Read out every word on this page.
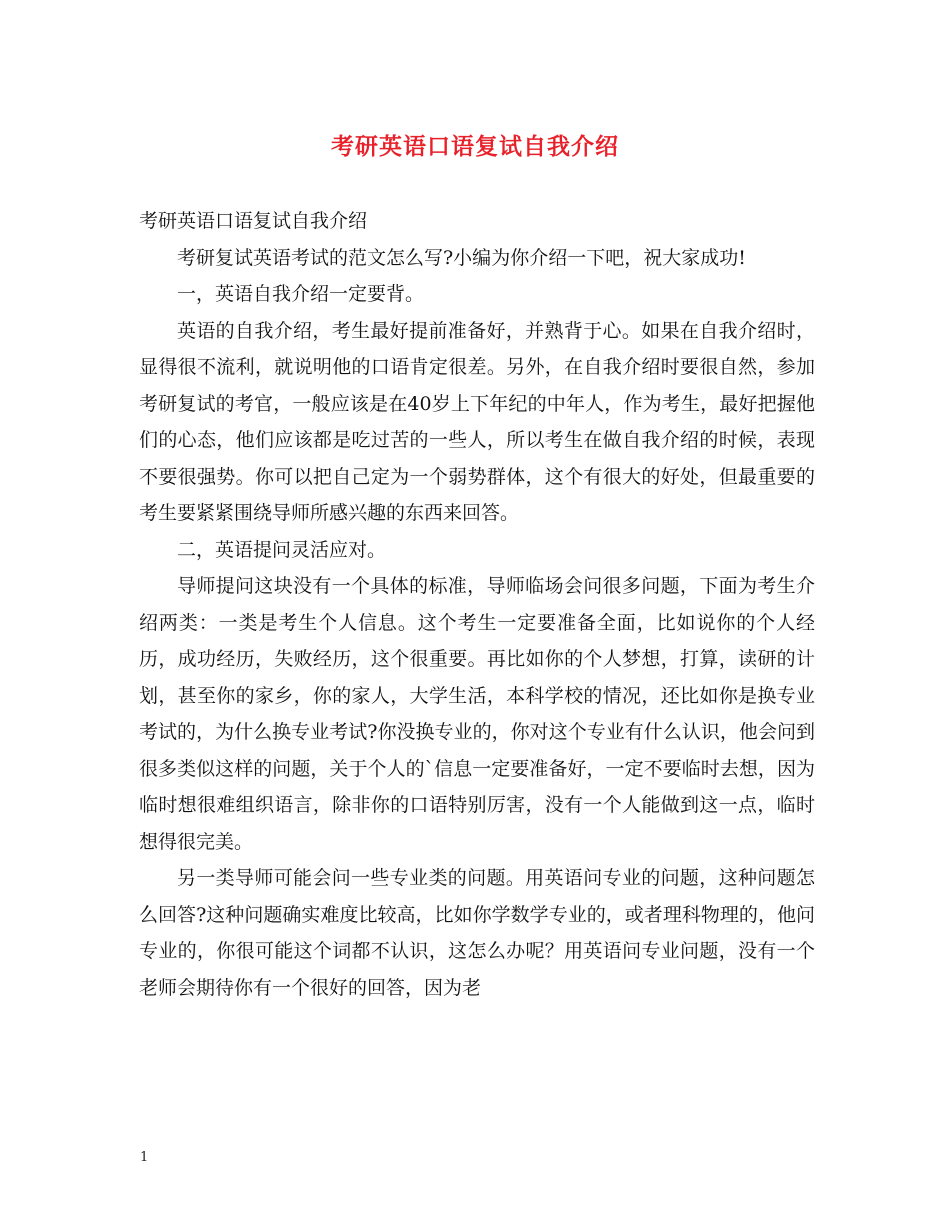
考研英语口语复试自我介绍

考研英语口语复试自我介绍

考研复试英语考试的范文怎么写?小编为你介绍一下吧，祝大家成功!

一，英语自我介绍一定要背。

英语的自我介绍，考生最好提前准备好，并熟背于心。如果在自我介绍时，显得很不流利，就说明他的口语肯定很差。另外，在自我介绍时要很自然，参加考研复试的考官，一般应该是在40岁上下年纪的中年人，作为考生，最好把握他们的心态，他们应该都是吃过苦的一些人，所以考生在做自我介绍的时候，表现不要很强势。你可以把自己定为一个弱势群体，这个有很大的好处，但最重要的考生要紧紧围绕导师所感兴趣的东西来回答。

二，英语提问灵活应对。

导师提问这块没有一个具体的标准，导师临场会问很多问题，下面为考生介绍两类：一类是考生个人信息。这个考生一定要准备全面，比如说你的个人经历，成功经历，失败经历，这个很重要。再比如你的个人梦想，打算，读研的计划，甚至你的家乡，你的家人，大学生活，本科学校的情况，还比如你是换专业考试的，为什么换专业考试?你没换专业的，你对这个专业有什么认识，他会问到很多类似这样的问题，关于个人的`信息一定要准备好，一定不要临时去想，因为临时想很难组织语言，除非你的口语特别厉害，没有一个人能做到这一点，临时想得很完美。

另一类导师可能会问一些专业类的问题。用英语问专业的问题，这种问题怎么回答?这种问题确实难度比较高，比如你学数学专业的，或者理科物理的，他问专业的，你很可能这个词都不认识，这怎么办呢？用英语问专业问题，没有一个老师会期待你有一个很好的回答，因为老

1
